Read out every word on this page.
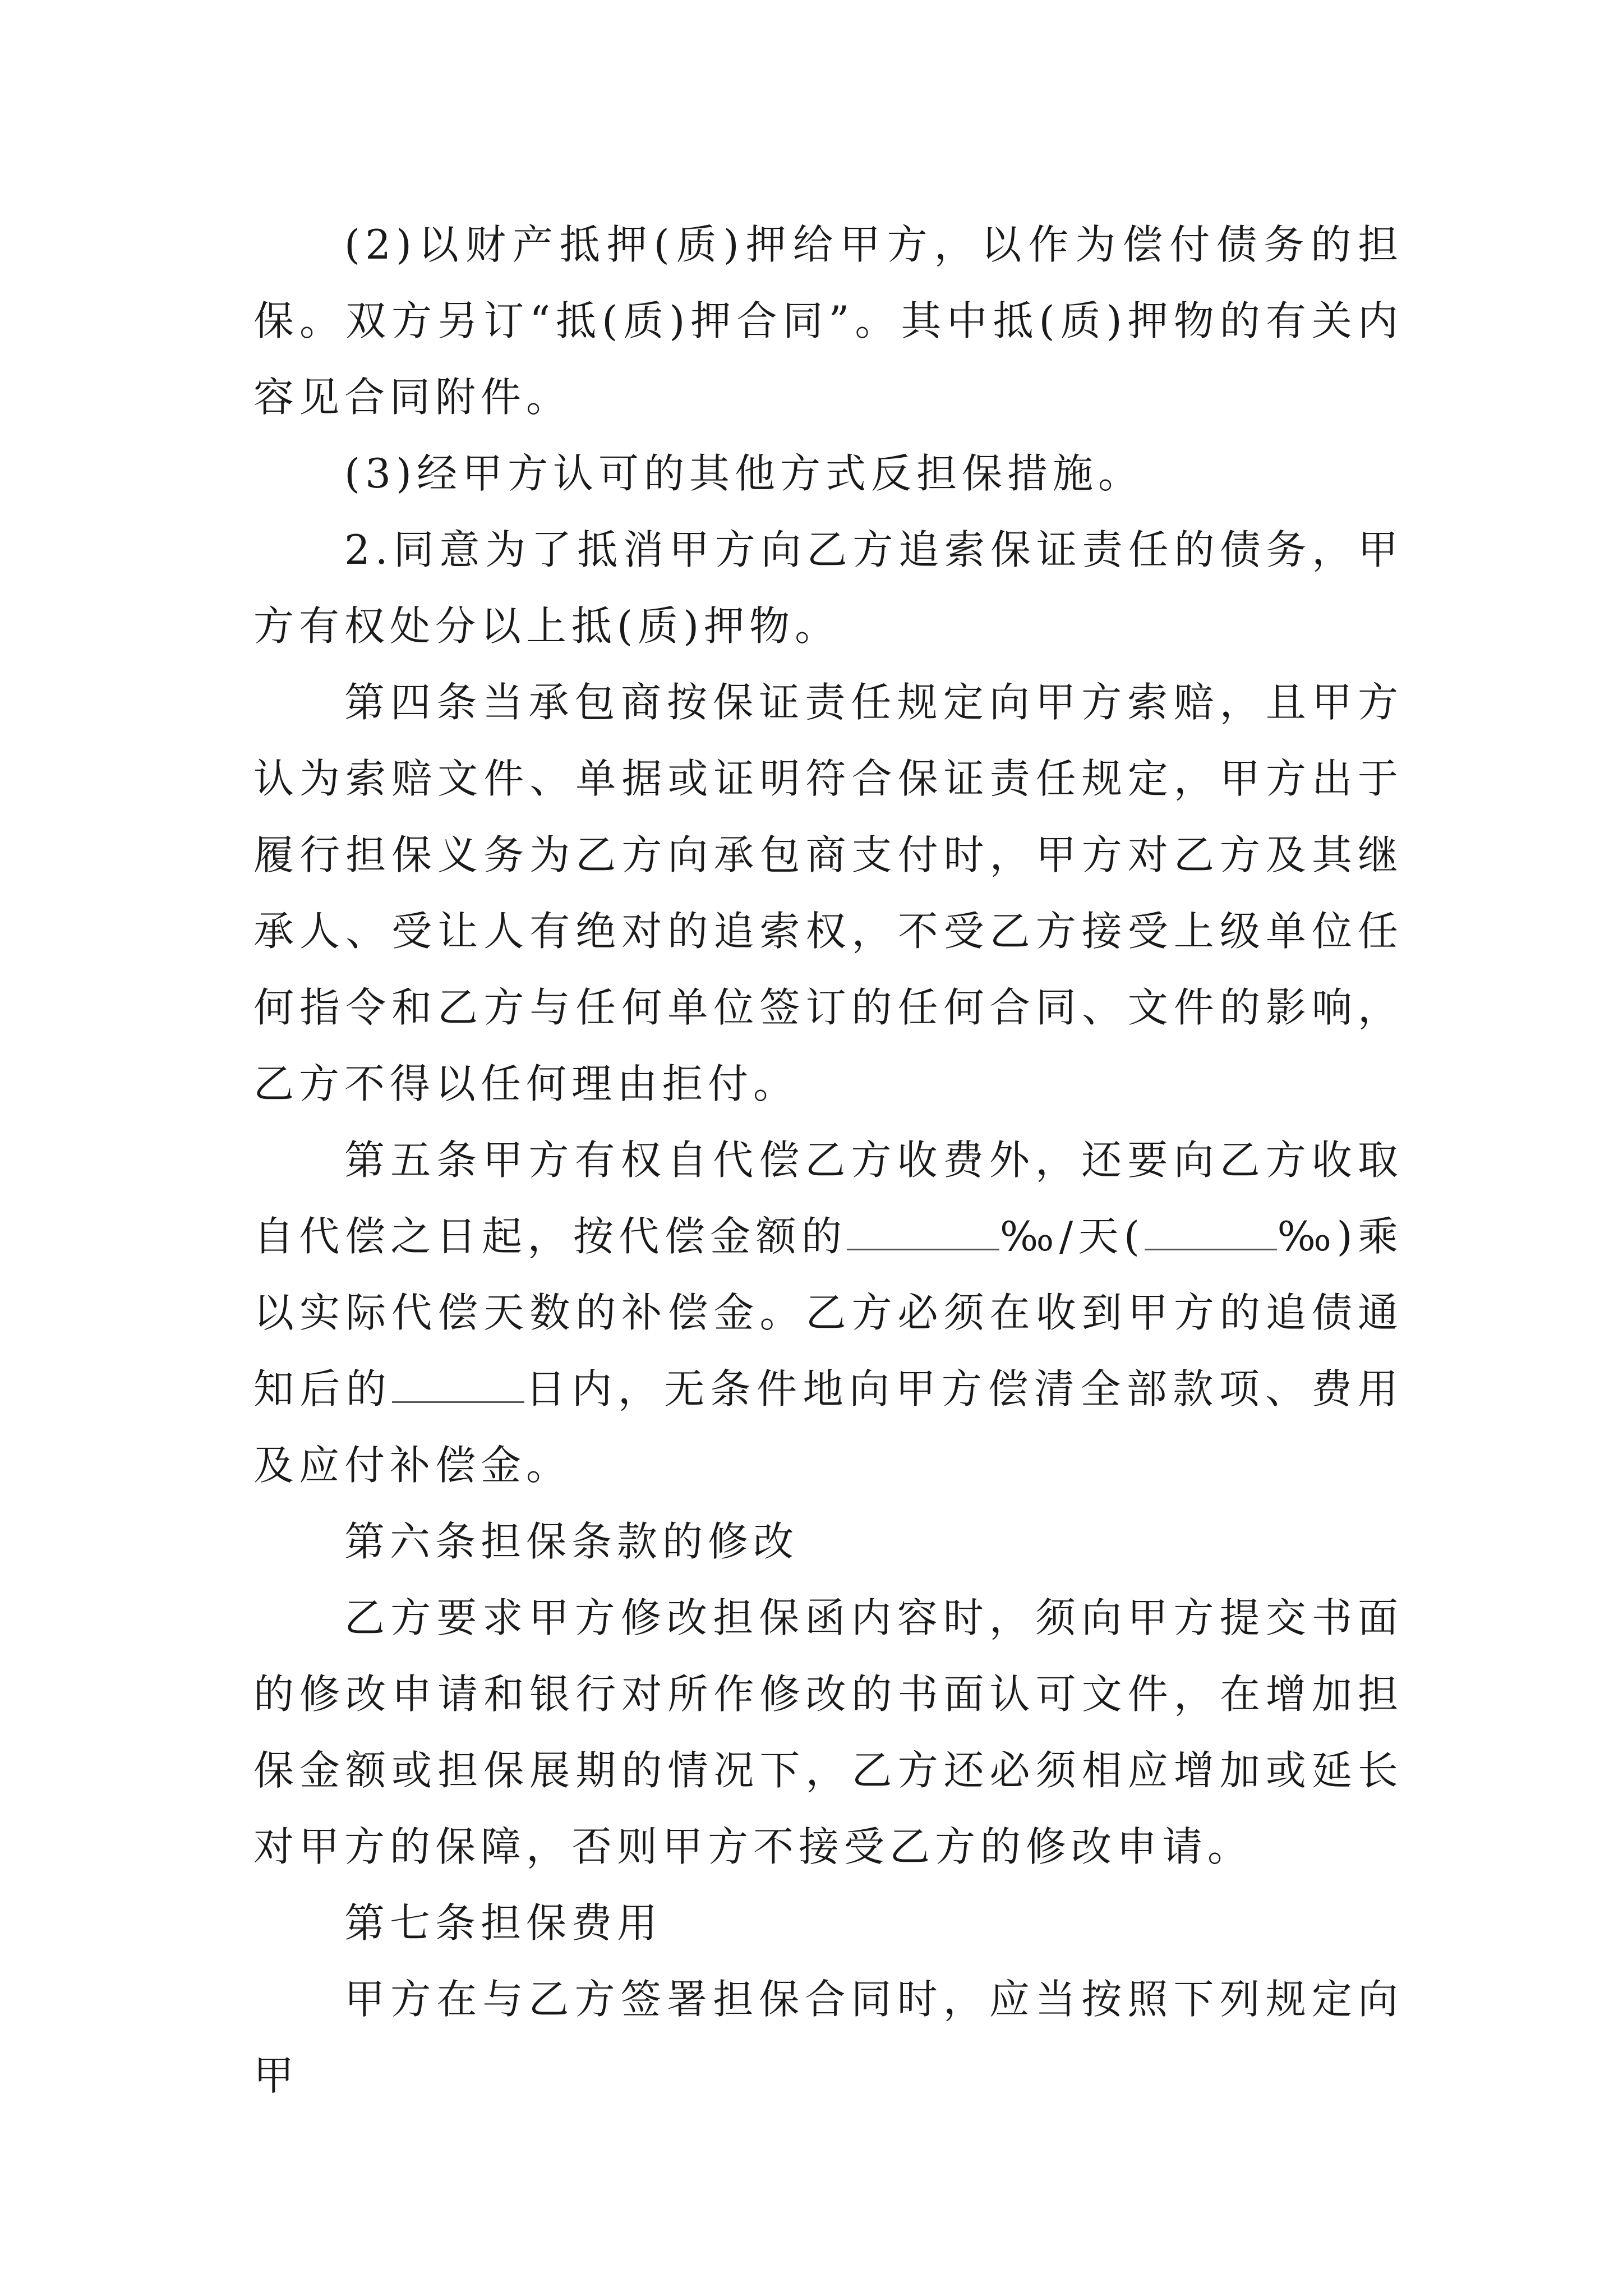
(2)以财产抵押(质)押给甲方，以作为偿付债务的担保。双方另订“抵(质)押合同”。其中抵(质)押物的有关内容见合同附件。

(3)经甲方认可的其他方式反担保措施。

2.同意为了抵消甲方向乙方追索保证责任的债务，甲方有权处分以上抵(质)押物。

第四条当承包商按保证责任规定向甲方索赔，且甲方认为索赔文件、单据或证明符合保证责任规定，甲方出于履行担保义务为乙方向承包商支付时，甲方对乙方及其继承人、受让人有绝对的追索权，不受乙方接受上级单位任何指令和乙方与任何单位签订的任何合同、文件的影响，乙方不得以任何理由拒付。

第五条甲方有权自代偿乙方收费外，还要向乙方收取自代偿之日起，按代偿金额的	‰/天(	‰)乘以实际代偿天数的补偿金。乙方必须在收到甲方的追债通知后的	日内，无条件地向甲方偿清全部款项、费用及应付补偿金。

第六条担保条款的修改

乙方要求甲方修改担保函内容时，须向甲方提交书面的修改申请和银行对所作修改的书面认可文件，在增加担保金额或担保展期的情况下，乙方还必须相应增加或延长对甲方的保障，否则甲方不接受乙方的修改申请。

第七条担保费用

甲方在与乙方签署担保合同时，应当按照下列规定向甲
